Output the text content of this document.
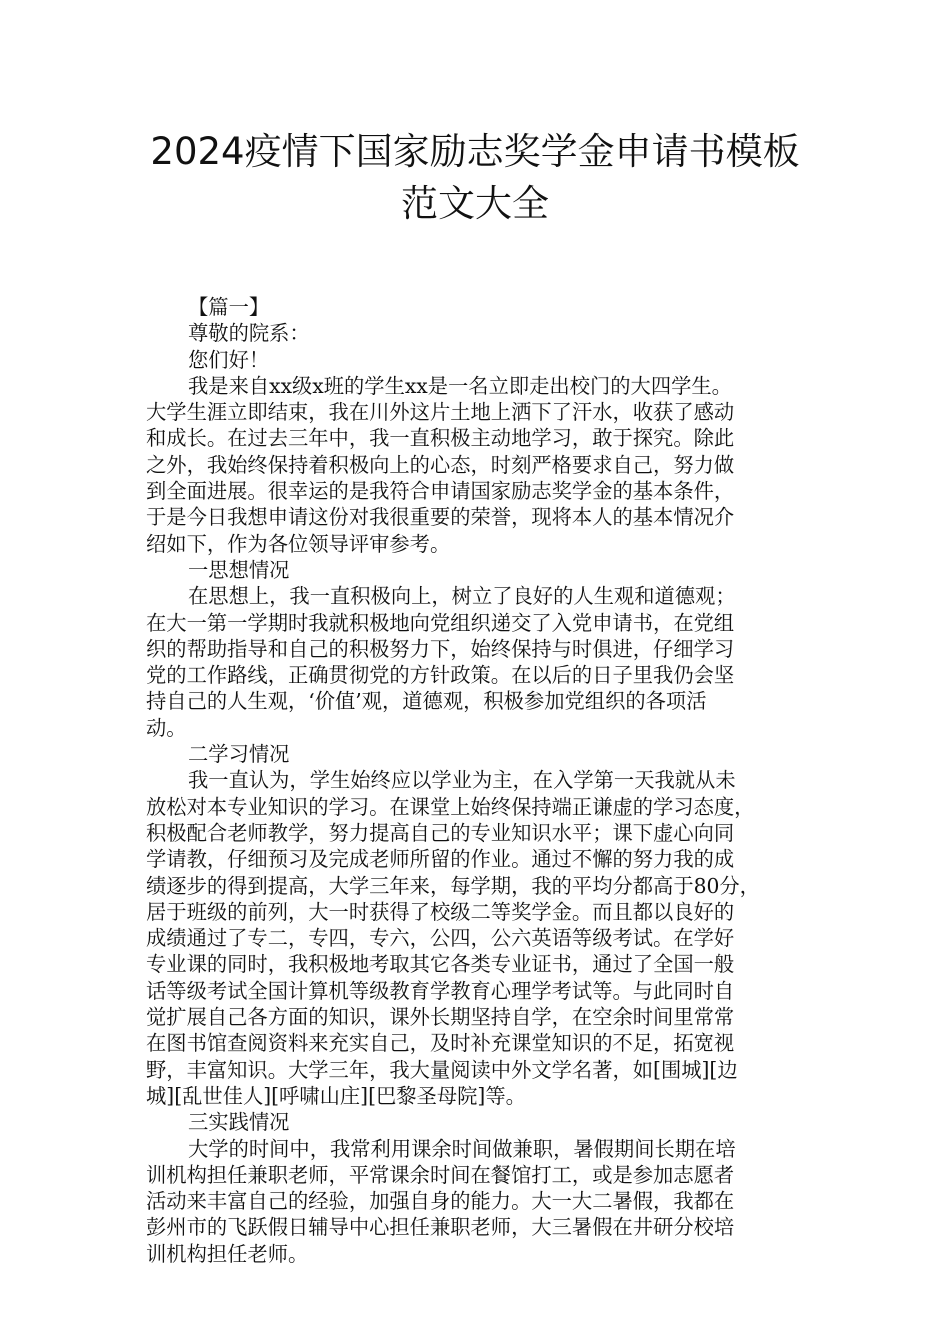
2024疫情下国家励志奖学金申请书模板
范文大全
【篇一】
尊敬的院系：
您们好！
我是来自xx级x班的学生xx是一名立即走出校门的大四学生。
大学生涯立即结束，我在川外这片土地上洒下了汗水，收获了感动
和成长。在过去三年中，我一直积极主动地学习，敢于探究。除此
之外，我始终保持着积极向上的心态，时刻严格要求自己，努力做
到全面进展。很幸运的是我符合申请国家励志奖学金的基本条件，
于是今日我想申请这份对我很重要的荣誉，现将本人的基本情况介
绍如下，作为各位领导评审参考。
一思想情况
在思想上，我一直积极向上，树立了良好的人生观和道德观；
在大一第一学期时我就积极地向党组织递交了入党申请书，在党组
织的帮助指导和自己的积极努力下，始终保持与时俱进，仔细学习
党的工作路线，正确贯彻党的方针政策。在以后的日子里我仍会坚
持自己的人生观，‘价值’观，道德观，积极参加党组织的各项活
动。
二学习情况
我一直认为，学生始终应以学业为主，在入学第一天我就从未
放松对本专业知识的学习。在课堂上始终保持端正谦虚的学习态度，
积极配合老师教学，努力提高自己的专业知识水平；课下虚心向同
学请教，仔细预习及完成老师所留的作业。通过不懈的努力我的成
绩逐步的得到提高，大学三年来，每学期，我的平均分都高于80分，
居于班级的前列，大一时获得了校级二等奖学金。而且都以良好的
成绩通过了专二，专四，专六，公四，公六英语等级考试。在学好
专业课的同时，我积极地考取其它各类专业证书，通过了全国一般
话等级考试全国计算机等级教育学教育心理学考试等。与此同时自
觉扩展自己各方面的知识，课外长期坚持自学，在空余时间里常常
在图书馆查阅资料来充实自己，及时补充课堂知识的不足，拓宽视
野，丰富知识。大学三年，我大量阅读中外文学名著，如[围城][边
城][乱世佳人][呼啸山庄][巴黎圣母院]等。
三实践情况
大学的时间中，我常利用课余时间做兼职，暑假期间长期在培
训机构担任兼职老师，平常课余时间在餐馆打工，或是参加志愿者
活动来丰富自己的经验，加强自身的能力。大一大二暑假，我都在
彭州市的飞跃假日辅导中心担任兼职老师，大三暑假在井研分校培
训机构担任老师。
